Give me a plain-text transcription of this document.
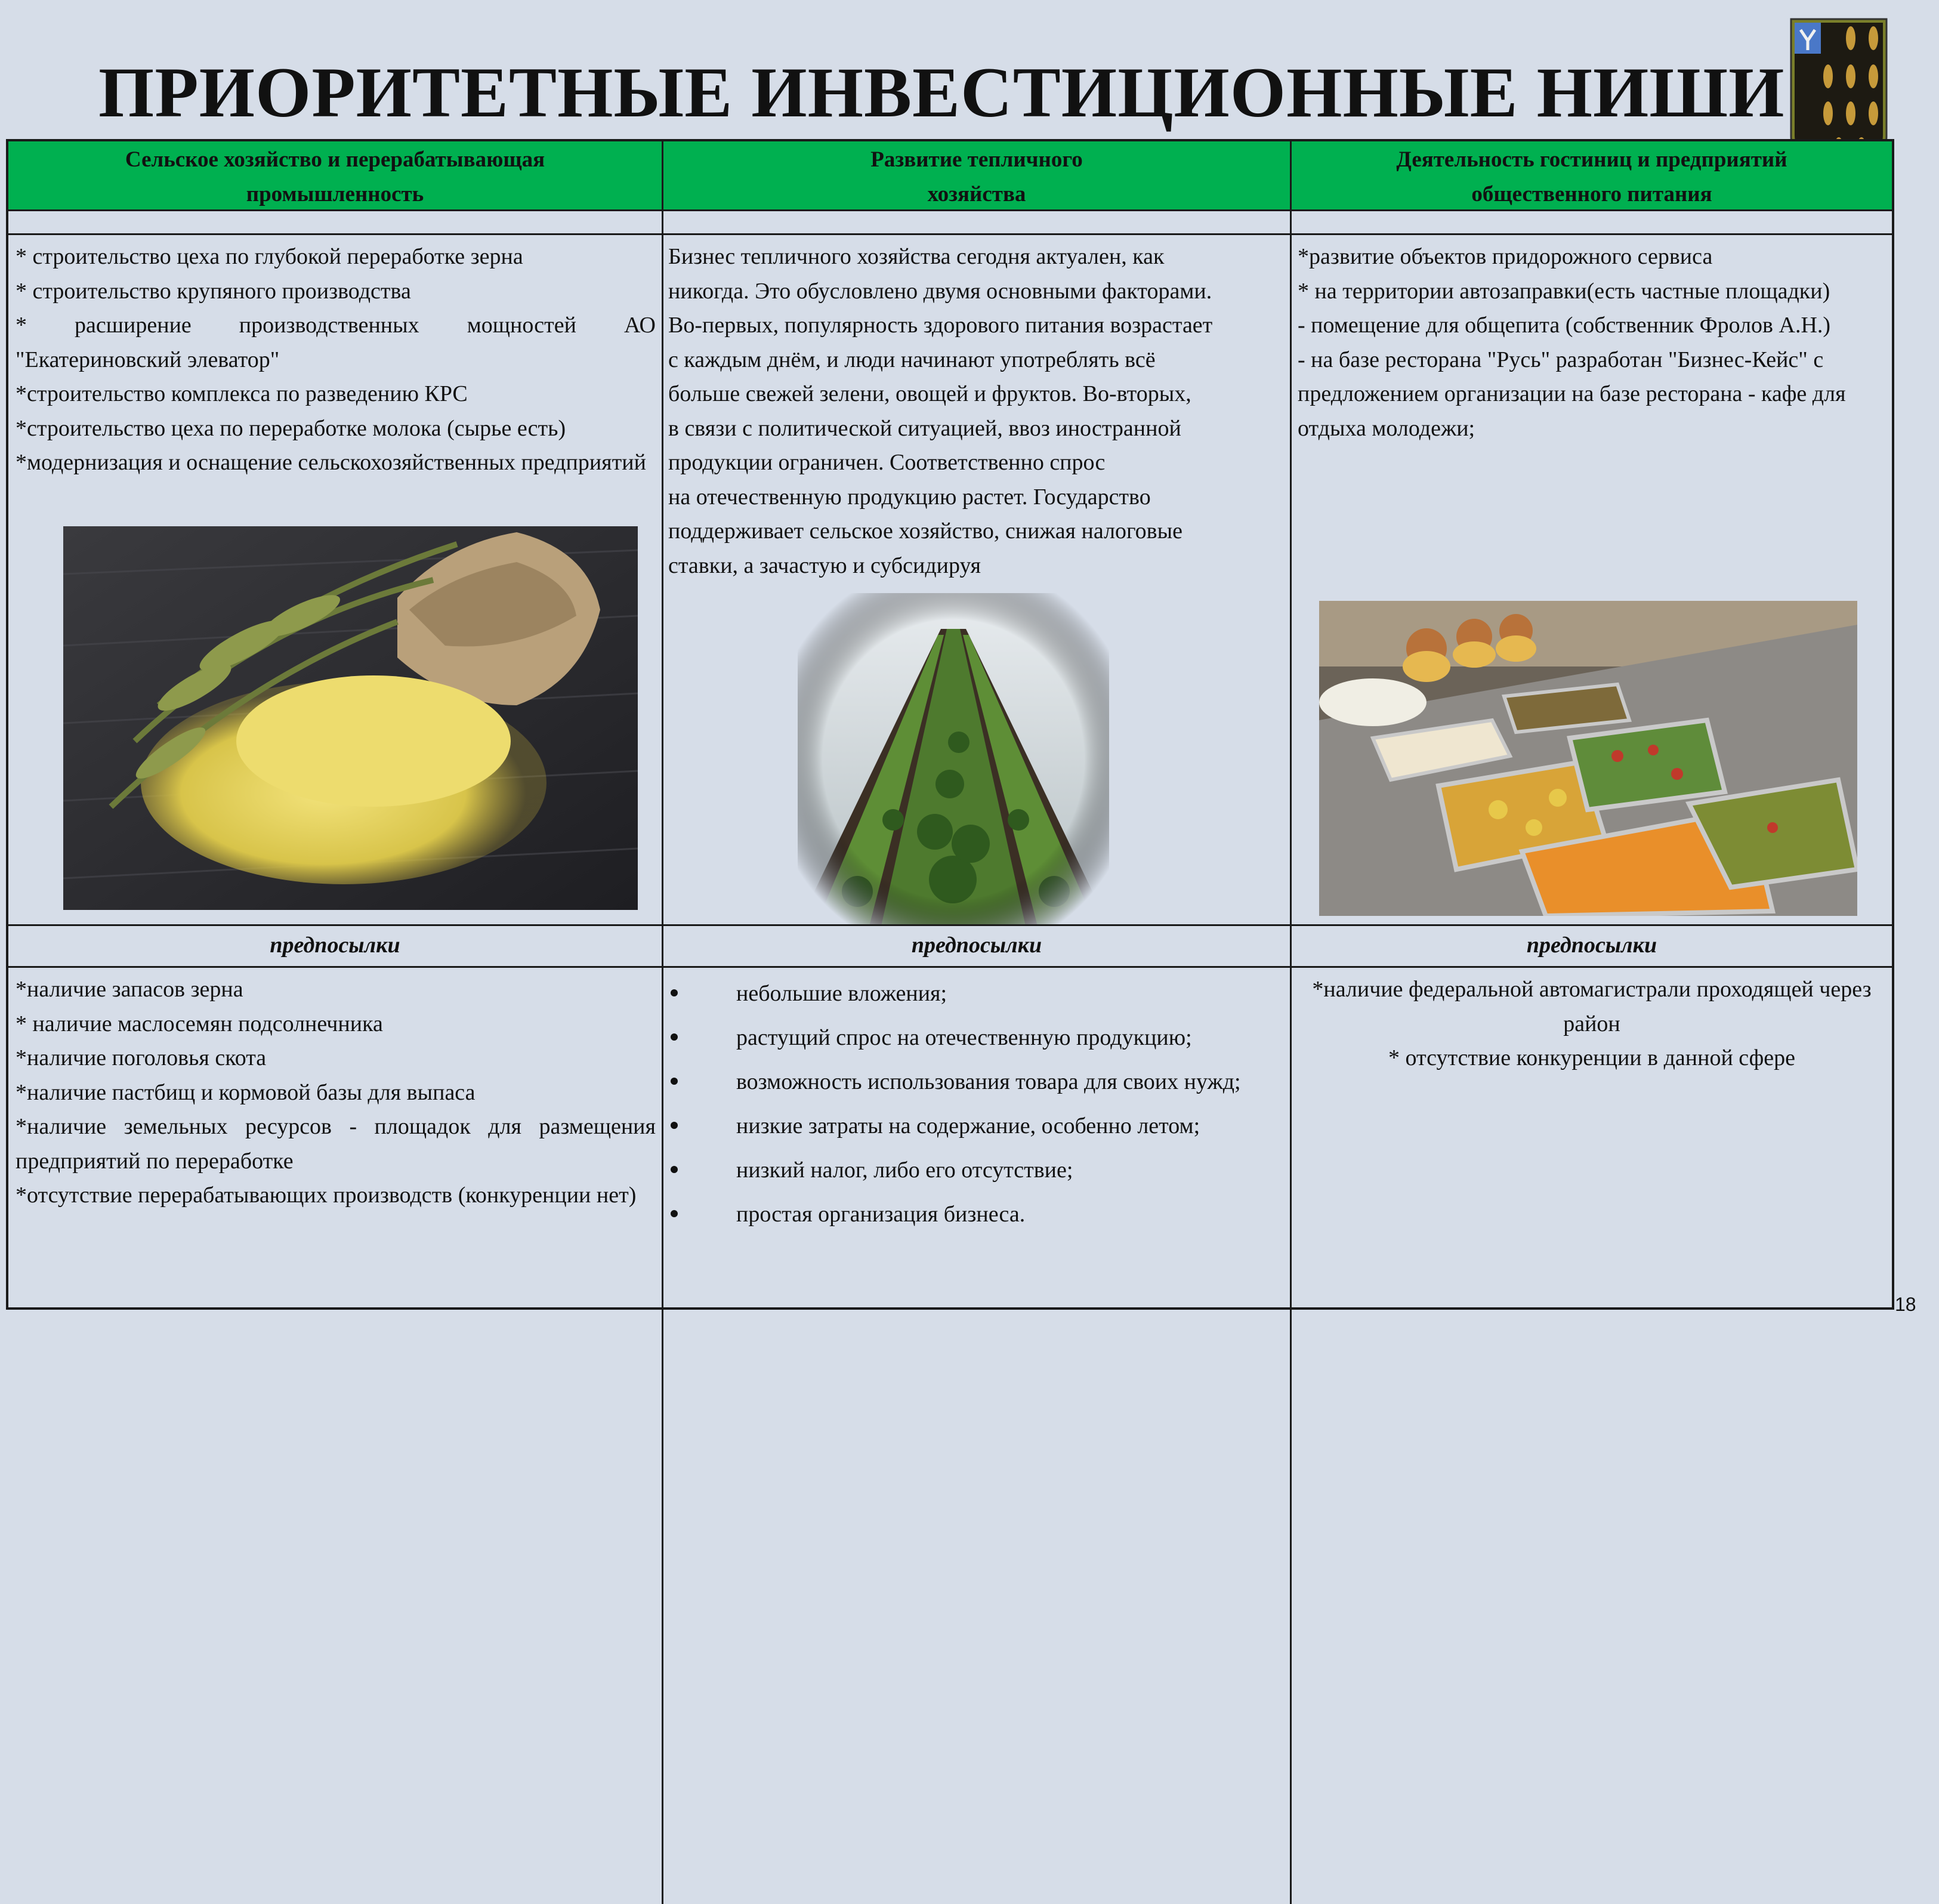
ПРИОРИТЕТНЫЕ ИНВЕСТИЦИОННЫЕ НИШИ
Сельское хозяйство и перерабатывающая
промышленность
Развитие тепличного
хозяйства
Деятельность гостиниц и предприятий
общественного питания

* строительство цеха по глубокой переработке зерна

* строительство крупяного производства

* расширение производственных мощностей АО "Екатериновский элеватор"

*строительство комплекса по разведению КРС

*строительство цеха по переработке молока (сырье есть)

*модернизация и оснащение сельскохозяйственных предприятий

Бизнес тепличного хозяйства сегодня актуален, как

никогда. Это обусловлено двумя основными факторами.

Во-первых, популярность здорового питания возрастает

с каждым днём, и люди начинают употреблять всё

больше свежей зелени, овощей и фруктов. Во-вторых,

в связи с политической ситуацией, ввоз иностранной

продукции ограничен. Соответственно спрос

на отечественную продукцию растет. Государство

поддерживает сельское хозяйство, снижая налоговые

ставки, а зачастую и субсидируя

*развитие объектов придорожного сервиса

* на территории автозаправки(есть частные площадки)

- помещение для общепита (собственник Фролов А.Н.)

- на базе ресторана "Русь" разработан "Бизнес-Кейс" с предложением организации на базе ресторана - кафе для отдыха молодежи;

предпосылки	предпосылки	предпосылки

*наличие запасов зерна

* наличие маслосемян подсолнечника

*наличие поголовья скота

*наличие пастбищ и кормовой базы для выпаса

*наличие земельных ресурсов - площадок для размещения предприятий по переработке

*отсутствие перерабатывающих производств (конкуренции нет)

небольшие вложения;
растущий спрос на отечественную продукцию;
возможность использования товара для своих нужд;
низкие затраты на содержание, особенно летом;
низкий налог, либо его отсутствие;
простая организация бизнеса.

*наличие федеральной автомагистрали проходящей через район

* отсутствие конкуренции в данной сфере

18
